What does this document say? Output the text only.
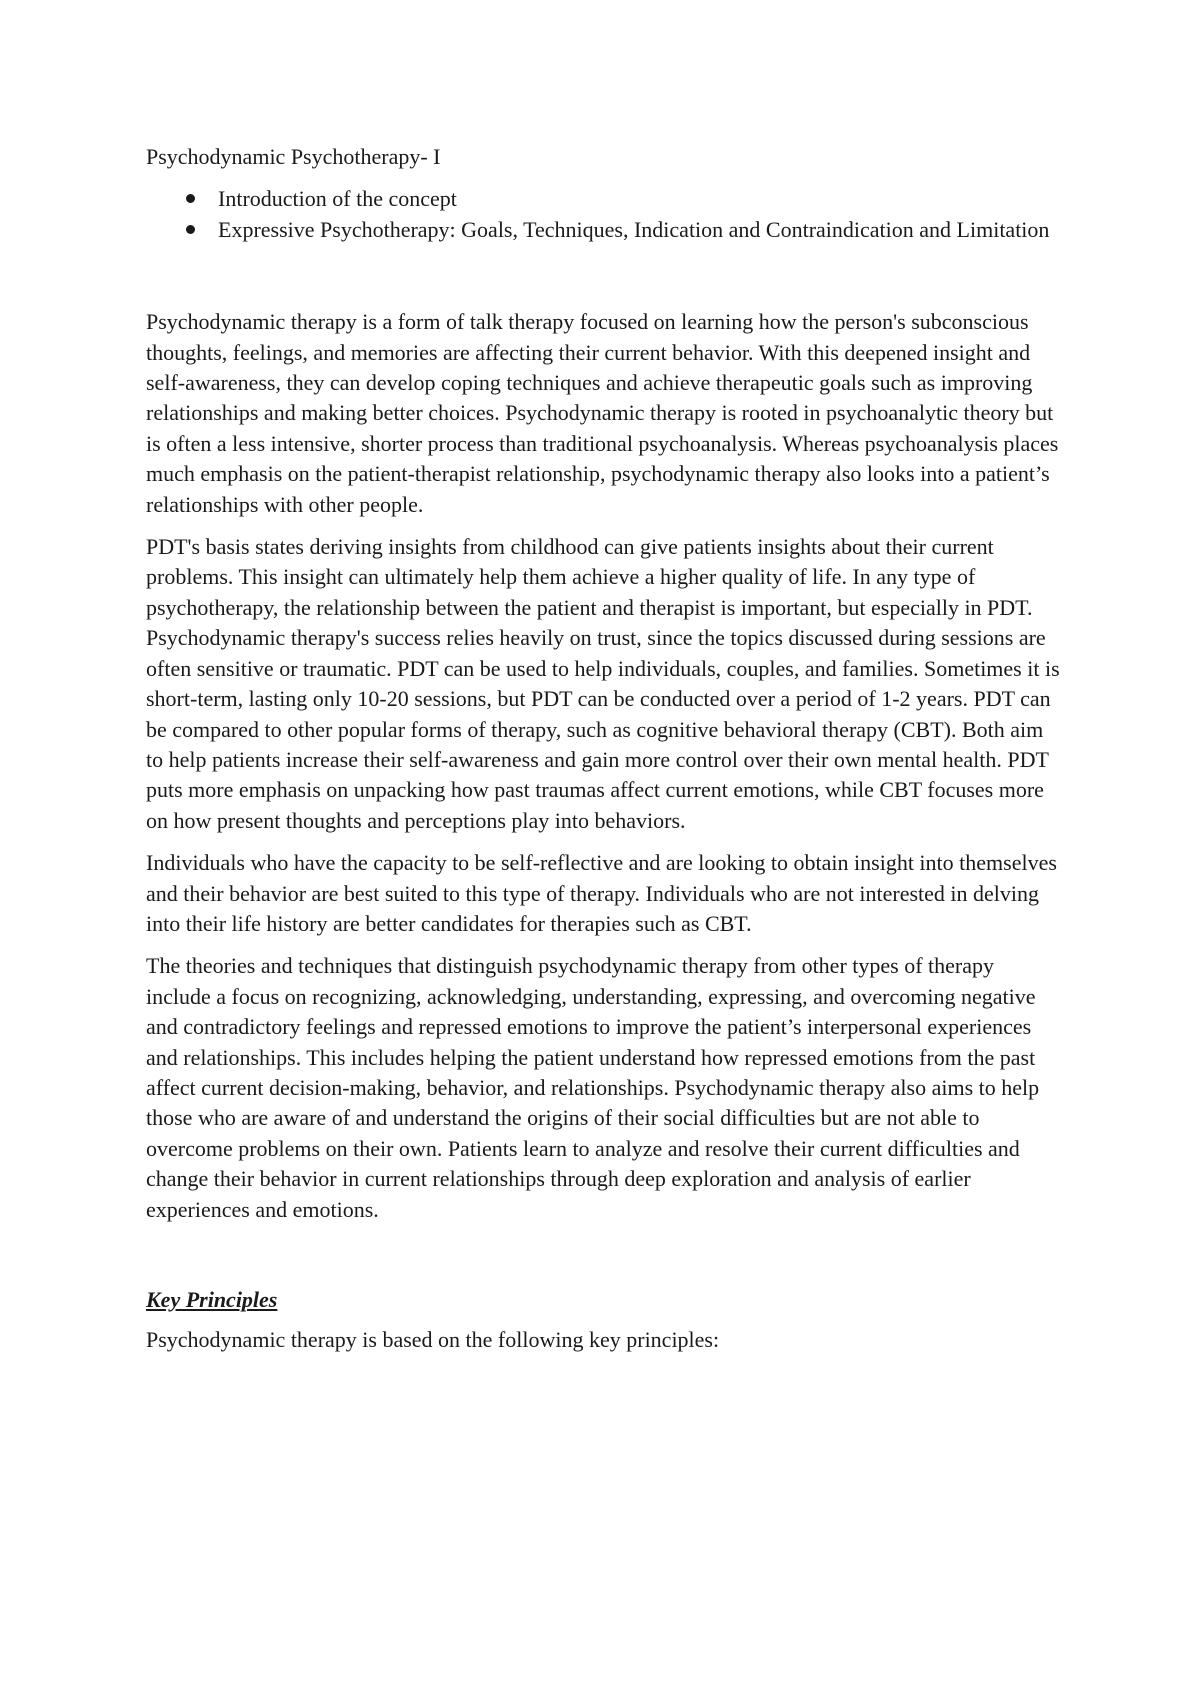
Psychodynamic Psychotherapy- I

Introduction of the concept
Expressive Psychotherapy: Goals, Techniques, Indication and Contraindication and Limitation

Psychodynamic therapy is a form of talk therapy focused on learning how the person's subconscious thoughts, feelings, and memories are affecting their current behavior. With this deepened insight and self-awareness, they can develop coping techniques and achieve therapeutic goals such as improving relationships and making better choices. Psychodynamic therapy is rooted in psychoanalytic theory but is often a less intensive, shorter process than traditional psychoanalysis. Whereas psychoanalysis places much emphasis on the patient-therapist relationship, psychodynamic therapy also looks into a patient’s relationships with other people.

PDT's basis states deriving insights from childhood can give patients insights about their current problems. This insight can ultimately help them achieve a higher quality of life. In any type of psychotherapy, the relationship between the patient and therapist is important, but especially in PDT. Psychodynamic therapy's success relies heavily on trust, since the topics discussed during sessions are often sensitive or traumatic. PDT can be used to help individuals, couples, and families. Sometimes it is short-term, lasting only 10-20 sessions, but PDT can be conducted over a period of 1-2 years. PDT can be compared to other popular forms of therapy, such as cognitive behavioral therapy (CBT). Both aim to help patients increase their self-awareness and gain more control over their own mental health. PDT puts more emphasis on unpacking how past traumas affect current emotions, while CBT focuses more on how present thoughts and perceptions play into behaviors.

Individuals who have the capacity to be self-reflective and are looking to obtain insight into themselves and their behavior are best suited to this type of therapy. Individuals who are not interested in delving into their life history are better candidates for therapies such as CBT.

The theories and techniques that distinguish psychodynamic therapy from other types of therapy include a focus on recognizing, acknowledging, understanding, expressing, and overcoming negative and contradictory feelings and repressed emotions to improve the patient’s interpersonal experiences and relationships. This includes helping the patient understand how repressed emotions from the past affect current decision-making, behavior, and relationships. Psychodynamic therapy also aims to help those who are aware of and understand the origins of their social difficulties but are not able to overcome problems on their own. Patients learn to analyze and resolve their current difficulties and change their behavior in current relationships through deep exploration and analysis of earlier experiences and emotions.

Key Principles

Psychodynamic therapy is based on the following key principles:
